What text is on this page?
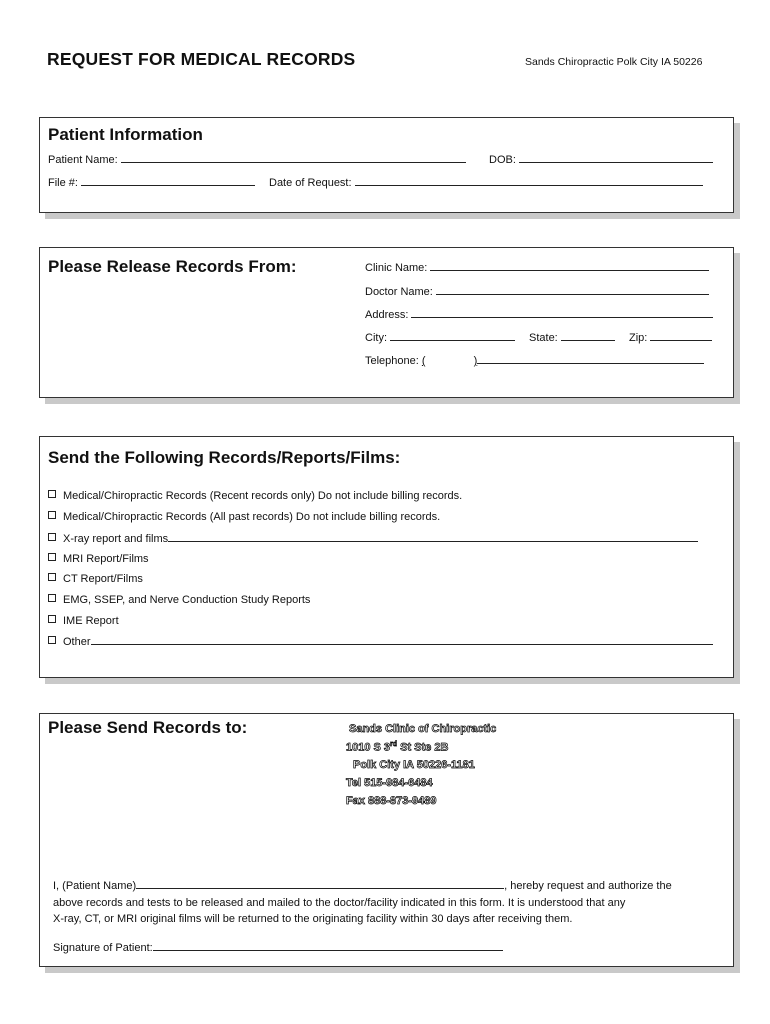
REQUEST FOR MEDICAL RECORDS	Sands Chiropractic Polk City IA 50226
Patient Information
Patient Name:	DOB:
File #:	Date of Request:
Please Release Records From:	Clinic Name:
Doctor Name:
Address:
City:	State:	Zip:
Telephone: (	)
Send the Following Records/Reports/Films:
Medical/Chiropractic Records (Recent records only) Do not include billing records.
Medical/Chiropractic Records (All past records) Do not include billing records.
X-ray report and films
MRI Report/Films
CT Report/Films
EMG, SSEP, and Nerve Conduction Study Reports
IME Report
Other
Please Send Records to:	Sands Clinic of Chiropractic
1010 S 3rd St Ste 2B
Polk City IA 50226-1181
Tel 515-984-6484
Fax 888-873-9489
I, (Patient Name)	, hereby request and authorize the
above records and tests to be released and mailed to the doctor/facility indicated in this form. It is understood that any
X-ray, CT, or MRI original films will be returned to the originating facility within 30 days after receiving them.
Signature of Patient:
